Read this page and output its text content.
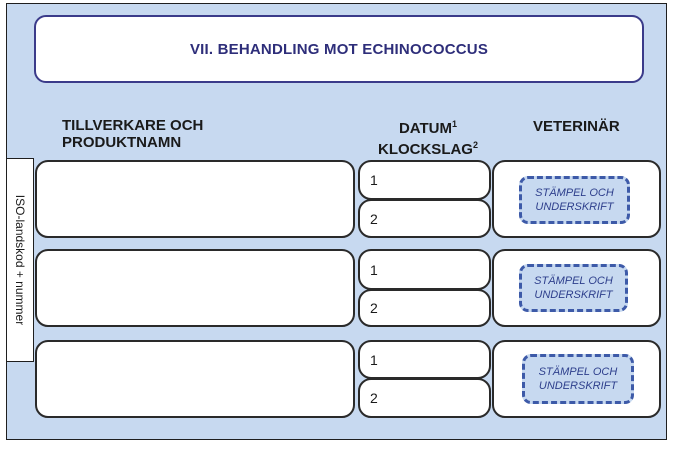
VII. BEHANDLING MOT ECHINOCOCCUS
TILLVERKARE OCH
PRODUKTNAMN
DATUM$^1$
KLOCKSLAG$^2$
VETERINÄR
ISO-landskod + nummer
1
2
STÄMPEL OCH
UNDERSKRIFT
1
2
STÄMPEL OCH
UNDERSKRIFT
1
2
STÄMPEL OCH
UNDERSKRIFT
